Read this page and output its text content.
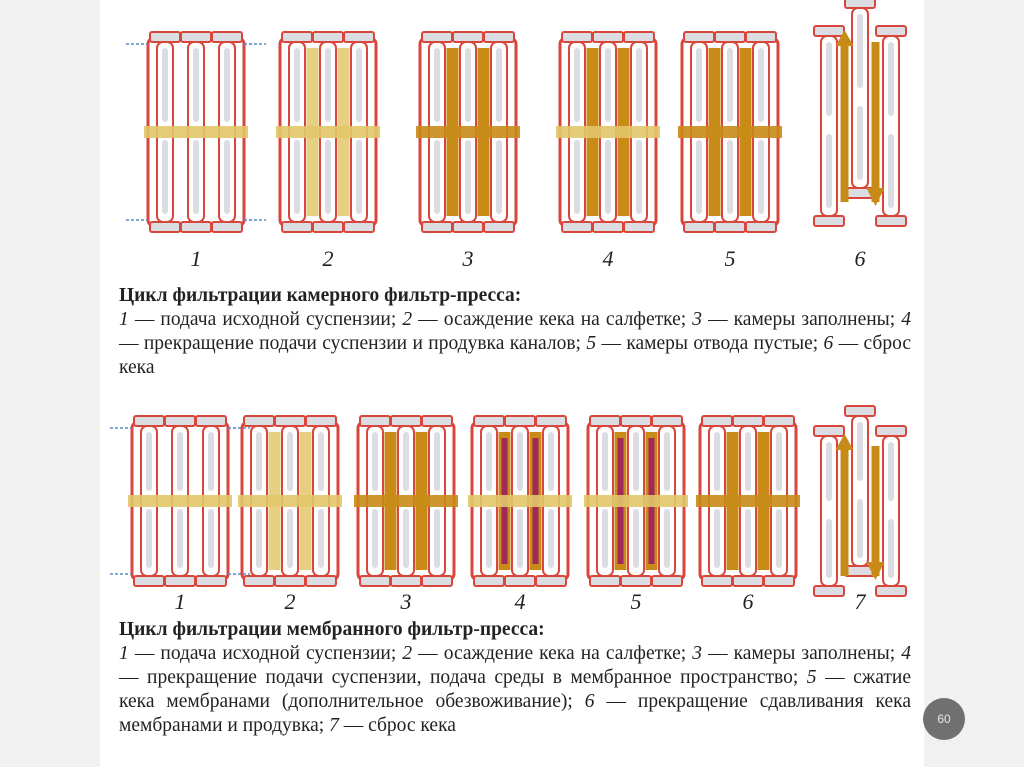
1	2	3	4	5	6

Цикл фильтрации камерного фильтр-пресса:

1 — подача исходной суспензии; 2 — осаждение кека на салфетке; 3 — камеры заполнены; 4 — прекращение подачи суспензии и продувка каналов; 5 — камеры отвода пустые; 6 — сброс кека

1	2	3	4	5	6	7

Цикл фильтрации мембранного фильтр-пресса:

1 — подача исходной суспензии; 2 — осаждение кека на салфетке; 3 — камеры заполнены; 4 — прекращение подачи суспензии, подача среды в мембранное пространство; 5 — сжатие кека мембранами (дополнительное обезвоживание); 6 — прекращение сдавливания кека мембранами и продувка; 7 — сброс кека	60
